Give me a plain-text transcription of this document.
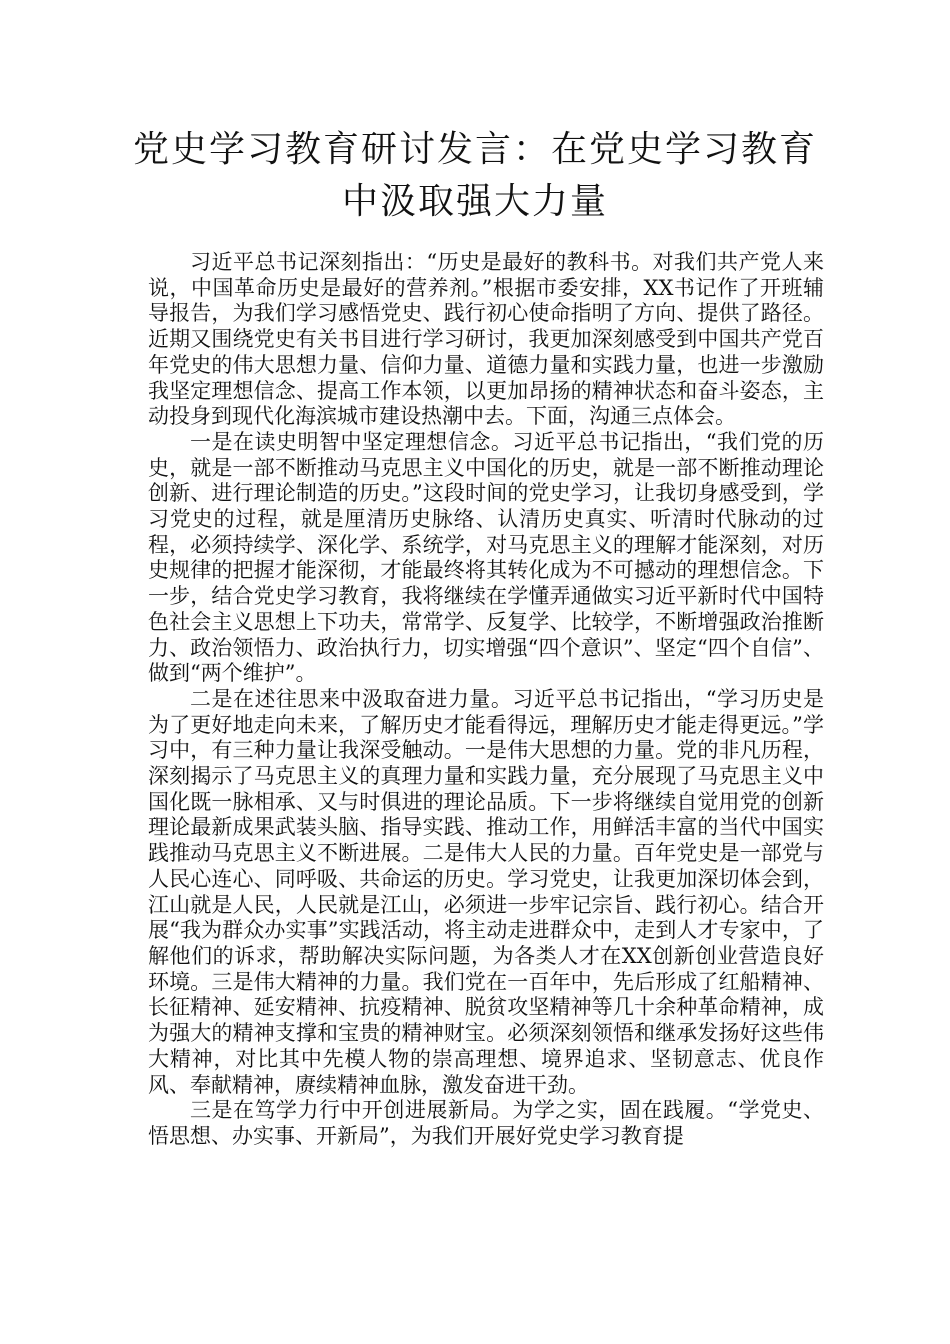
党史学习教育研讨发言：在党史学习教育
中汲取强大力量

习近平总书记深刻指出：“历史是最好的教科书。对我们共产党人来说，中国革命历史是最好的营养剂。”根据市委安排，XX书记作了开班辅导报告，为我们学习感悟党史、践行初心使命指明了方向、提供了路径。近期又围绕党史有关书目进行学习研讨，我更加深刻感受到中国共产党百年党史的伟大思想力量、信仰力量、道德力量和实践力量，也进一步激励我坚定理想信念、提高工作本领，以更加昂扬的精神状态和奋斗姿态，主动投身到现代化海滨城市建设热潮中去。下面，沟通三点体会。

一是在读史明智中坚定理想信念。习近平总书记指出，“我们党的历史，就是一部不断推动马克思主义中国化的历史，就是一部不断推动理论创新、进行理论制造的历史。”这段时间的党史学习，让我切身感受到，学习党史的过程，就是厘清历史脉络、认清历史真实、听清时代脉动的过程，必须持续学、深化学、系统学，对马克思主义的理解才能深刻，对历史规律的把握才能深彻，才能最终将其转化成为不可撼动的理想信念。下一步，结合党史学习教育，我将继续在学懂弄通做实习近平新时代中国特色社会主义思想上下功夫，常常学、反复学、比较学，不断增强政治推断力、政治领悟力、政治执行力，切实增强“四个意识”、坚定“四个自信”、做到“两个维护”。

二是在述往思来中汲取奋进力量。习近平总书记指出，“学习历史是为了更好地走向未来，了解历史才能看得远，理解历史才能走得更远。”学习中，有三种力量让我深受触动。一是伟大思想的力量。党的非凡历程，深刻揭示了马克思主义的真理力量和实践力量，充分展现了马克思主义中国化既一脉相承、又与时俱进的理论品质。下一步将继续自觉用党的创新理论最新成果武装头脑、指导实践、推动工作，用鲜活丰富的当代中国实践推动马克思主义不断进展。二是伟大人民的力量。百年党史是一部党与人民心连心、同呼吸、共命运的历史。学习党史，让我更加深切体会到，江山就是人民，人民就是江山，必须进一步牢记宗旨、践行初心。结合开展“我为群众办实事”实践活动，将主动走进群众中，走到人才专家中，了解他们的诉求，帮助解决实际问题，为各类人才在XX创新创业营造良好环境。三是伟大精神的力量。我们党在一百年中，先后形成了红船精神、长征精神、延安精神、抗疫精神、脱贫攻坚精神等几十余种革命精神，成为强大的精神支撑和宝贵的精神财宝。必须深刻领悟和继承发扬好这些伟大精神，对比其中先模人物的崇高理想、境界追求、坚韧意志、优良作风、奉献精神，赓续精神血脉，激发奋进干劲。

三是在笃学力行中开创进展新局。为学之实，固在践履。“学党史、悟思想、办实事、开新局”，为我们开展好党史学习教育提
